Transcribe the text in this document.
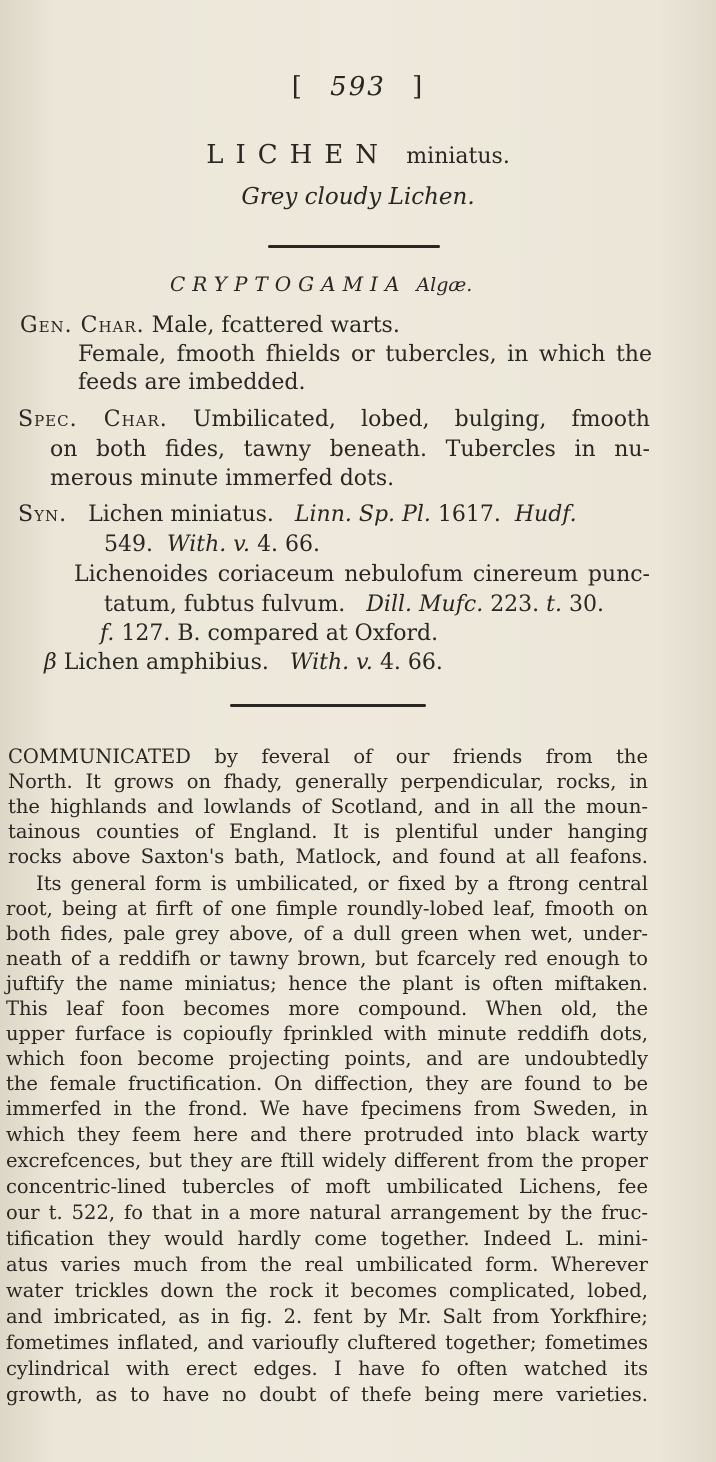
[ 593 ]
LICHEN miniatus.
Grey cloudy Lichen.
CRYPTOGAMIA Algæ.
Gen. Char. Male, fcattered warts.
Female, fmooth fhields or tubercles, in which the
feeds are imbedded.
Spec. Char. Umbilicated, lobed, bulging, fmooth
on both fides, tawny beneath. Tubercles in nu-
merous minute immerfed dots.
Syn. Lichen miniatus. Linn. Sp. Pl. 1617. Hudf.
549. With. v. 4. 66.
Lichenoides coriaceum nebulofum cinereum punc-
tatum, fubtus fulvum. Dill. Mufc. 223. t. 30.
f. 127. B. compared at Oxford.
β Lichen amphibius. With. v. 4. 66.
COMMUNICATED by feveral of our friends from the
North. It grows on fhady, generally perpendicular, rocks, in
the highlands and lowlands of Scotland, and in all the moun-
tainous counties of England. It is plentiful under hanging
rocks above Saxton's bath, Matlock, and found at all feafons.
Its general form is umbilicated, or fixed by a ftrong central
root, being at firft of one fimple roundly-lobed leaf, fmooth on
both fides, pale grey above, of a dull green when wet, under-
neath of a reddifh or tawny brown, but fcarcely red enough to
juftify the name miniatus; hence the plant is often miftaken.
This leaf foon becomes more compound. When old, the
upper furface is copioufly fprinkled with minute reddifh dots,
which foon become projecting points, and are undoubtedly
the female fructification. On diffection, they are found to be
immerfed in the frond. We have fpecimens from Sweden, in
which they feem here and there protruded into black warty
excrefcences, but they are ftill widely different from the proper
concentric-lined tubercles of moft umbilicated Lichens, fee
our t. 522, fo that in a more natural arrangement by the fruc-
tification they would hardly come together. Indeed L. mini-
atus varies much from the real umbilicated form. Wherever
water trickles down the rock it becomes complicated, lobed,
and imbricated, as in fig. 2. fent by Mr. Salt from Yorkfhire;
fometimes inflated, and varioufly cluftered together; fometimes
cylindrical with erect edges. I have fo often watched its
growth, as to have no doubt of thefe being mere varieties.
